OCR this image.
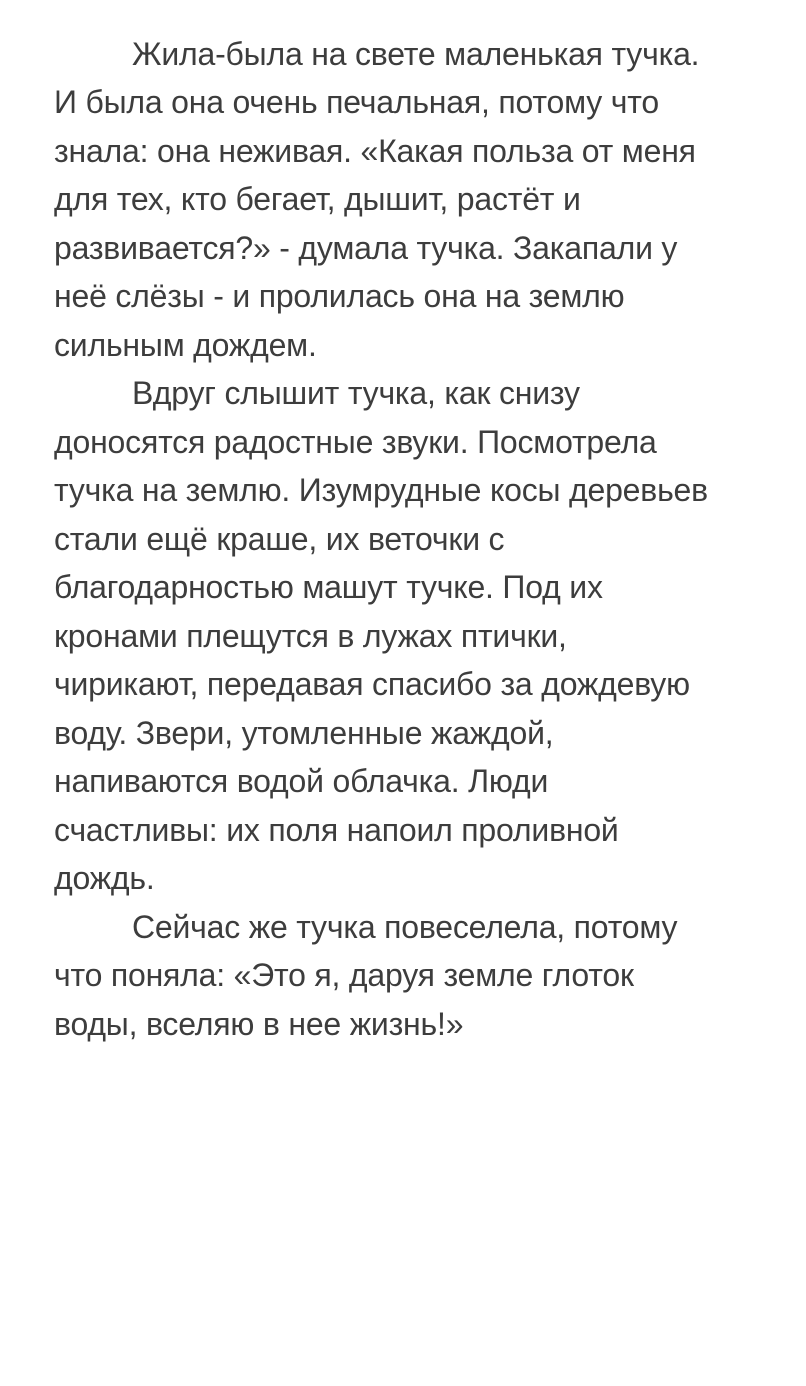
Жила-была на свете маленькая тучка.
И была она очень печальная, потому что
знала: она неживая. «Какая польза от меня
для тех, кто бегает, дышит, растёт и
развивается?» - думала тучка. Закапали у
неё слёзы - и пролилась она на землю
сильным дождем.
Вдруг слышит тучка, как снизу
доносятся радостные звуки. Посмотрела
тучка на землю. Изумрудные косы деревьев
стали ещё краше, их веточки с
благодарностью машут тучке. Под их
кронами плещутся в лужах птички,
чирикают, передавая спасибо за дождевую
воду. Звери, утомленные жаждой,
напиваются водой облачка. Люди
счастливы: их поля напоил проливной
дождь.
Сейчас же тучка повеселела, потому
что поняла: «Это я, даруя земле глоток
воды, вселяю в нее жизнь!»
